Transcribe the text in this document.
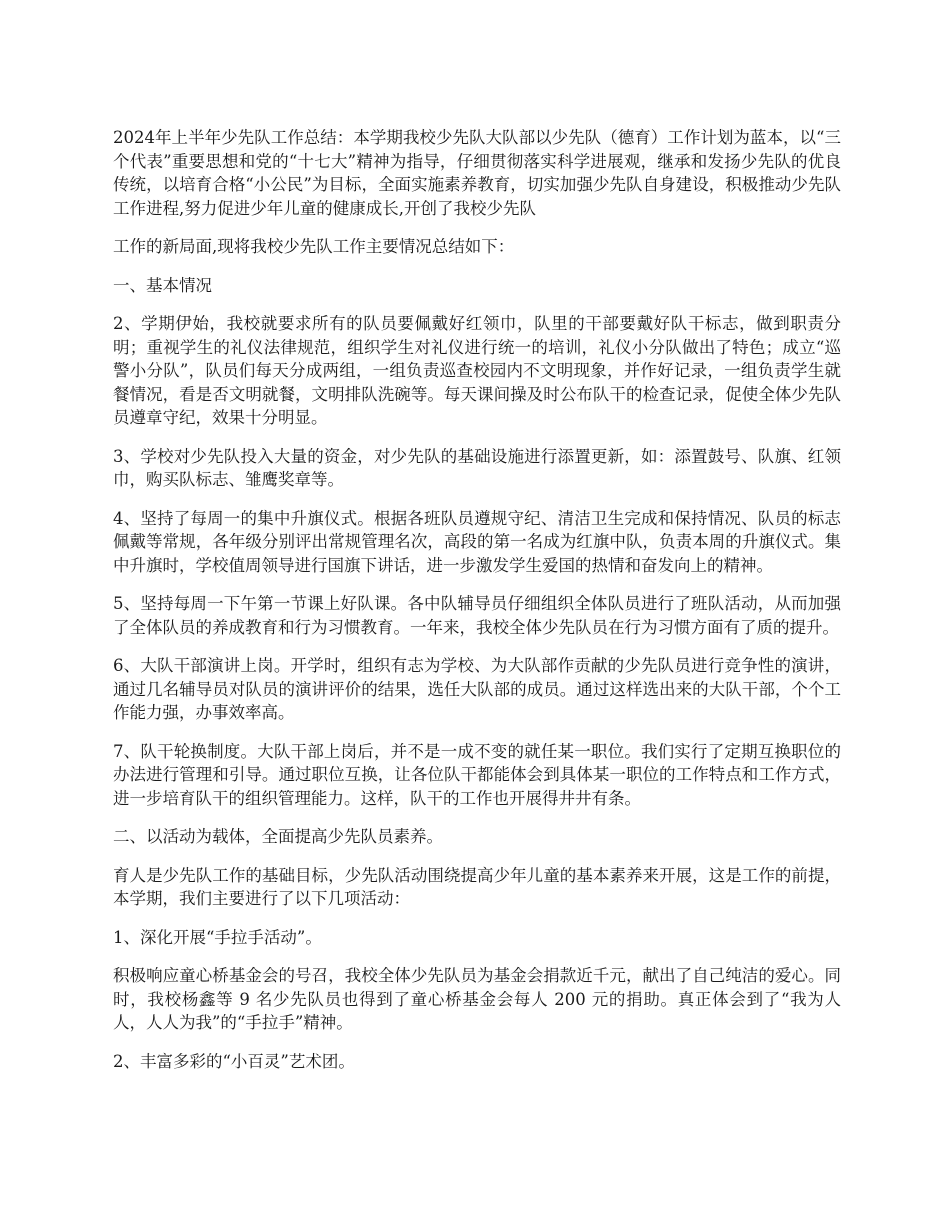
2024年上半年少先队工作总结：本学期我校少先队大队部以少先队（德育）工作计划为蓝本，以“三个代表”重要思想和党的“十七大”精神为指导，仔细贯彻落实科学进展观，继承和发扬少先队的优良传统，以培育合格“小公民”为目标，全面实施素养教育，切实加强少先队自身建设，积极推动少先队工作进程,努力促进少年儿童的健康成长,开创了我校少先队

工作的新局面,现将我校少先队工作主要情况总结如下：

一、基本情况

2、学期伊始，我校就要求所有的队员要佩戴好红领巾，队里的干部要戴好队干标志，做到职责分明；重视学生的礼仪法律规范，组织学生对礼仪进行统一的培训，礼仪小分队做出了特色；成立“巡警小分队”，队员们每天分成两组，一组负责巡查校园内不文明现象，并作好记录，一组负责学生就餐情况，看是否文明就餐，文明排队洗碗等。每天课间操及时公布队干的检查记录，促使全体少先队员遵章守纪，效果十分明显。

3、学校对少先队投入大量的资金，对少先队的基础设施进行添置更新，如：添置鼓号、队旗、红领巾，购买队标志、雏鹰奖章等。

4、坚持了每周一的集中升旗仪式。根据各班队员遵规守纪、清洁卫生完成和保持情况、队员的标志佩戴等常规，各年级分别评出常规管理名次，高段的第一名成为红旗中队，负责本周的升旗仪式。集中升旗时，学校值周领导进行国旗下讲话，进一步激发学生爱国的热情和奋发向上的精神。

5、坚持每周一下午第一节课上好队课。各中队辅导员仔细组织全体队员进行了班队活动，从而加强了全体队员的养成教育和行为习惯教育。一年来，我校全体少先队员在行为习惯方面有了质的提升。

6、大队干部演讲上岗。开学时，组织有志为学校、为大队部作贡献的少先队员进行竞争性的演讲，通过几名辅导员对队员的演讲评价的结果，选任大队部的成员。通过这样选出来的大队干部，个个工作能力强，办事效率高。

7、队干轮换制度。大队干部上岗后，并不是一成不变的就任某一职位。我们实行了定期互换职位的办法进行管理和引导。通过职位互换，让各位队干都能体会到具体某一职位的工作特点和工作方式，进一步培育队干的组织管理能力。这样，队干的工作也开展得井井有条。

二、以活动为载体，全面提高少先队员素养。

育人是少先队工作的基础目标，少先队活动围绕提高少年儿童的基本素养来开展，这是工作的前提，本学期，我们主要进行了以下几项活动：

1、深化开展“手拉手活动”。

积极响应童心桥基金会的号召，我校全体少先队员为基金会捐款近千元，献出了自己纯洁的爱心。同时，我校杨鑫等 9 名少先队员也得到了童心桥基金会每人 200 元的捐助。真正体会到了“我为人人，人人为我”的“手拉手”精神。

2、丰富多彩的“小百灵”艺术团。
